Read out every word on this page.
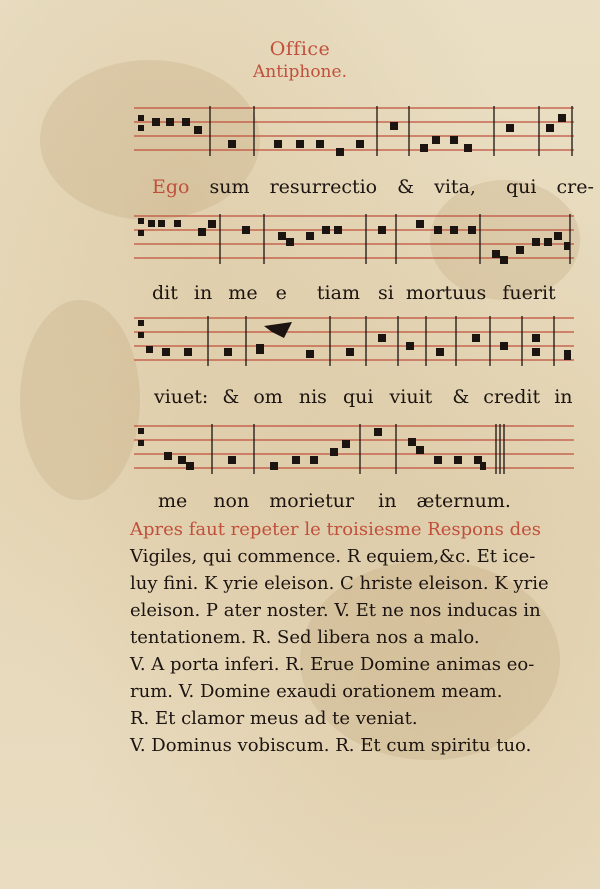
Office
Antiphone.
Ego sum resurrectio & vita, qui cre-
dit in me e tiam si mortuus fuerit
viuet: & om nis qui viuit & credit in
me non morietur in æternum.

Apres faut repeter le troisiesme Respons des

Vigiles, qui commence. R equiem,&c. Et ice-

luy fini. K yrie eleison. C hriste eleison. K yrie

eleison. P ater noster. V. Et ne nos inducas in

tentationem. R. Sed libera nos a malo.

V. A porta inferi. R. Erue Domine animas eo-

rum. V. Domine exaudi orationem meam.

R. Et clamor meus ad te veniat.

V. Dominus vobiscum. R. Et cum spiritu tuo.
